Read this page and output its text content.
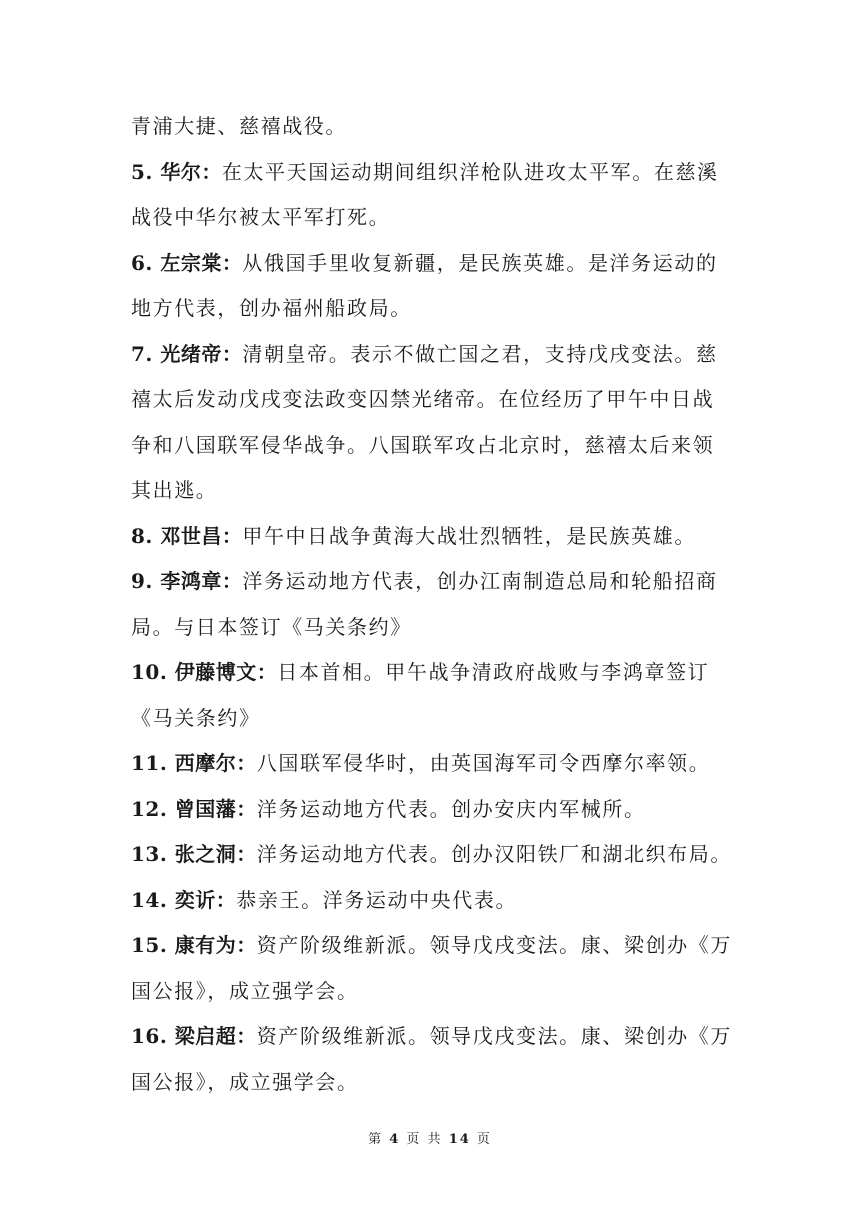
青浦大捷、慈禧战役。
5. 华尔：在太平天国运动期间组织洋枪队进攻太平军。在慈溪
战役中华尔被太平军打死。
6. 左宗棠：从俄国手里收复新疆，是民族英雄。是洋务运动的
地方代表，创办福州船政局。
7. 光绪帝：清朝皇帝。表示不做亡国之君，支持戊戌变法。慈
禧太后发动戊戌变法政变囚禁光绪帝。在位经历了甲午中日战
争和八国联军侵华战争。八国联军攻占北京时，慈禧太后来领
其出逃。
8. 邓世昌：甲午中日战争黄海大战壮烈牺牲，是民族英雄。
9. 李鸿章：洋务运动地方代表，创办江南制造总局和轮船招商
局。与日本签订《马关条约》
10. 伊藤博文：日本首相。甲午战争清政府战败与李鸿章签订
《马关条约》
11. 西摩尔：八国联军侵华时，由英国海军司令西摩尔率领。
12. 曾国藩：洋务运动地方代表。创办安庆内军械所。
13. 张之洞：洋务运动地方代表。创办汉阳铁厂和湖北织布局。
14. 奕䜣：恭亲王。洋务运动中央代表。
15. 康有为：资产阶级维新派。领导戊戌变法。康、梁创办《万
国公报》，成立强学会。
16. 梁启超：资产阶级维新派。领导戊戌变法。康、梁创办《万
国公报》，成立强学会。
第 4 页 共 14 页
